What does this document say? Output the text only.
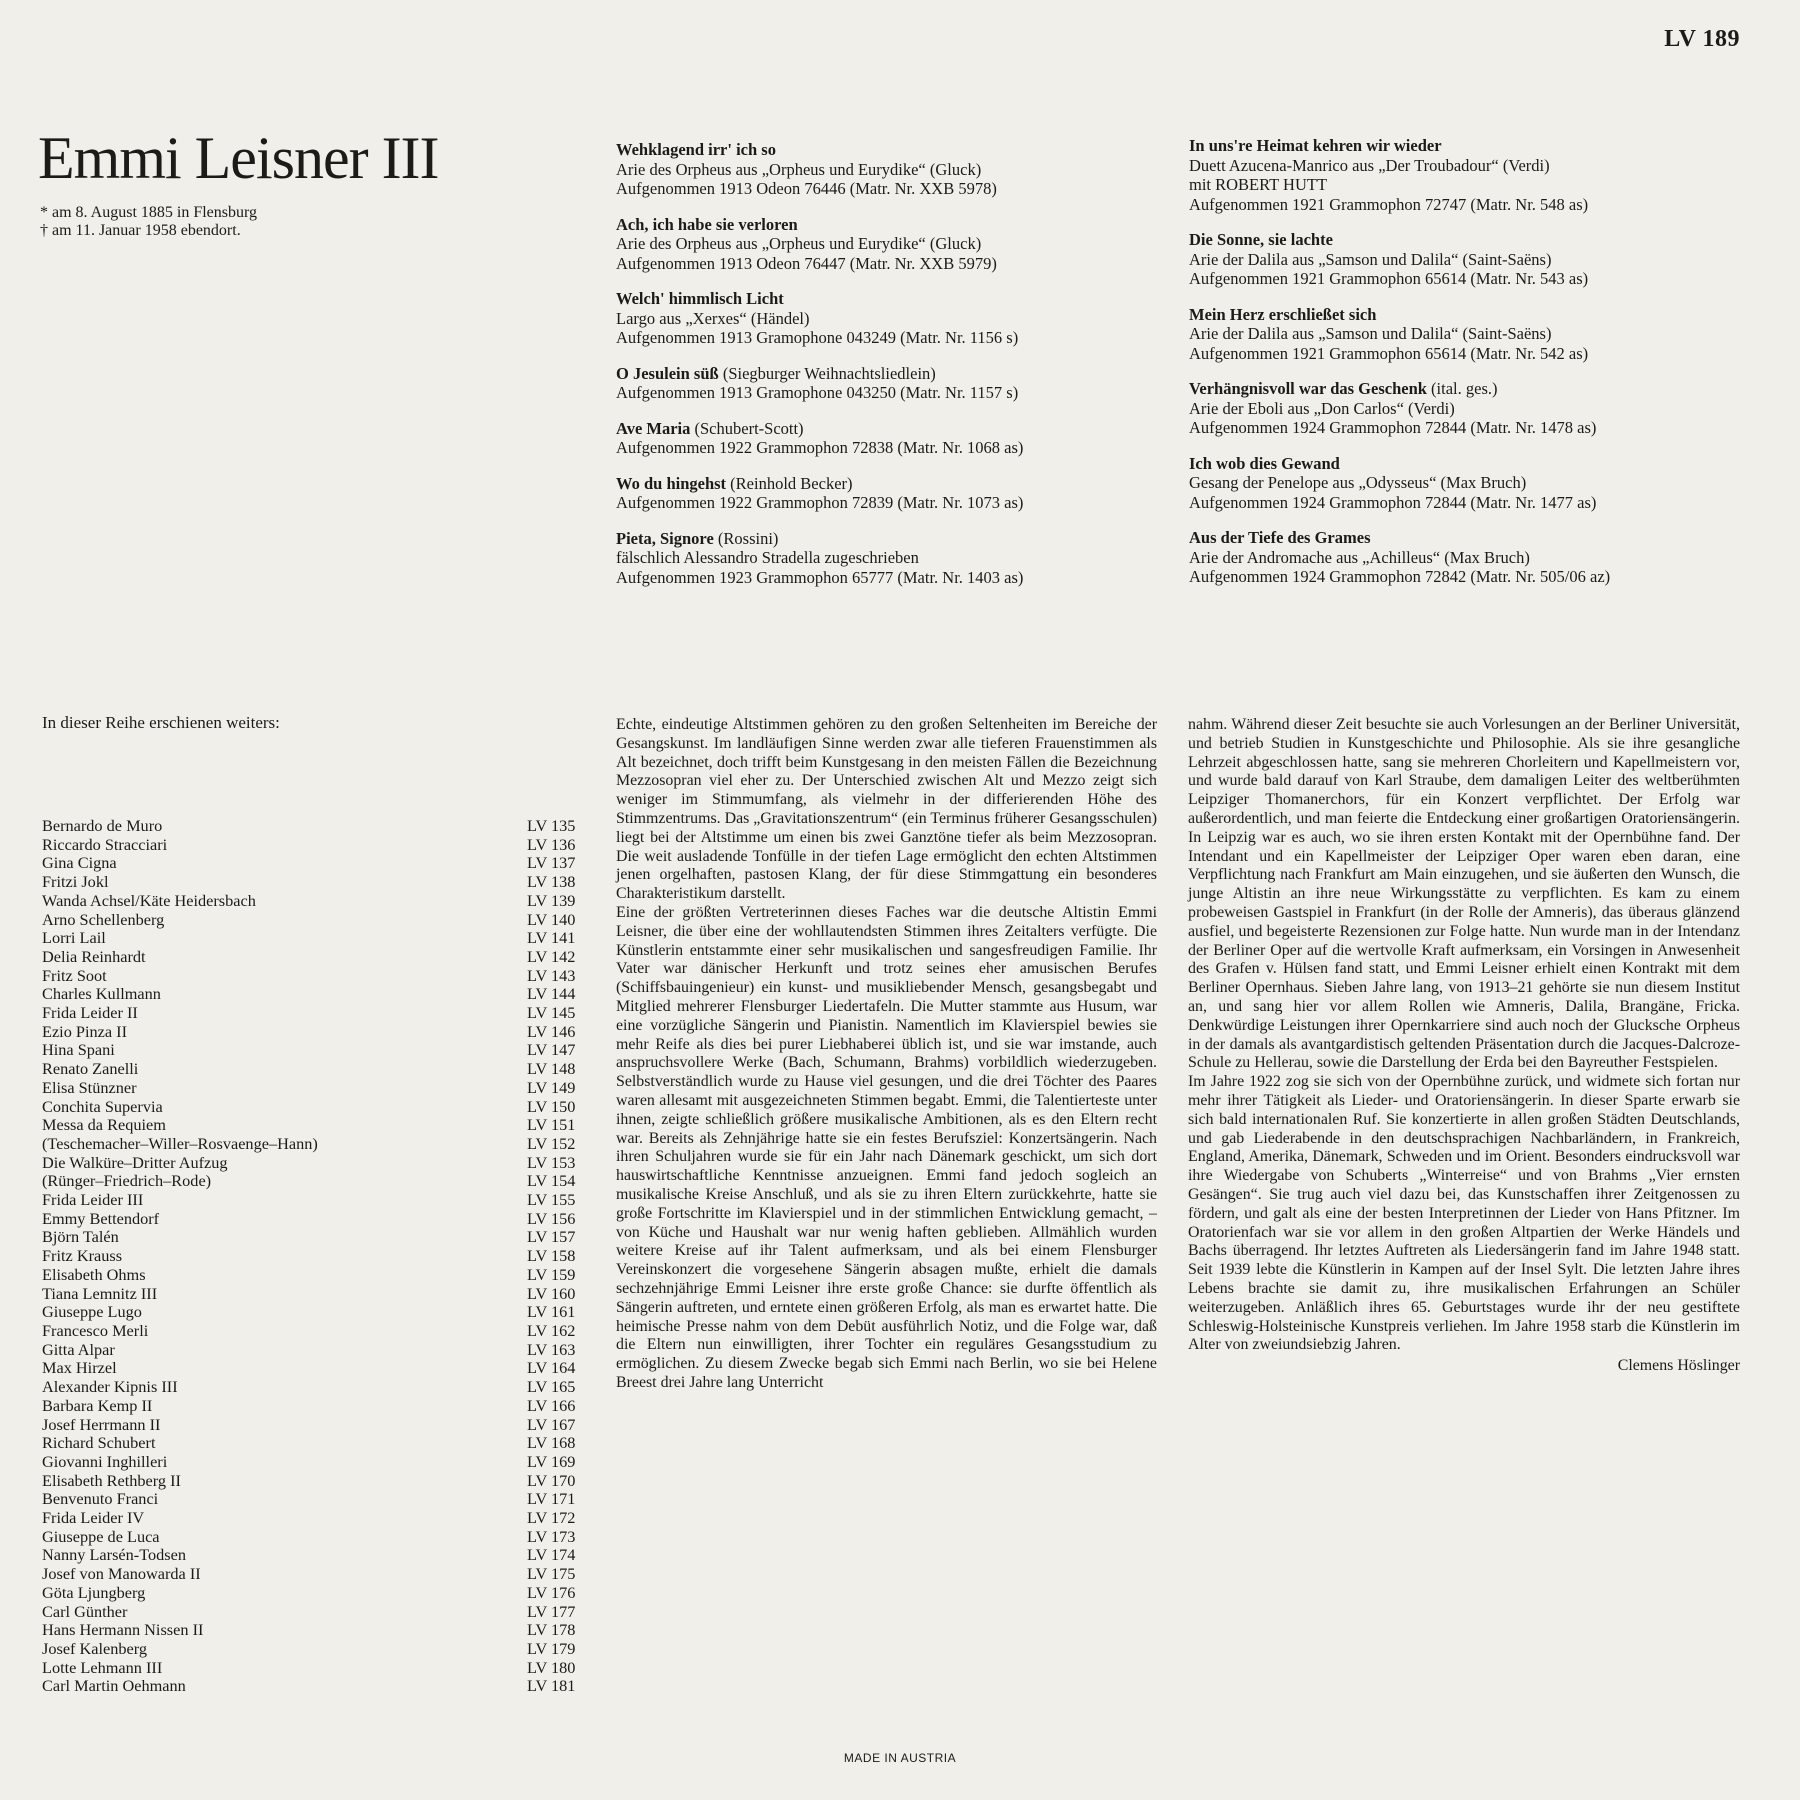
LV 189
Emmi Leisner III
* am 8. August 1885 in Flensburg
† am 11. Januar 1958 ebendort.
Wehklagend irr' ich so
Arie des Orpheus aus „Orpheus und Eurydike“ (Gluck)
Aufgenommen 1913 Odeon 76446 (Matr. Nr. XXB 5978)
Ach, ich habe sie verloren
Arie des Orpheus aus „Orpheus und Eurydike“ (Gluck)
Aufgenommen 1913 Odeon 76447 (Matr. Nr. XXB 5979)
Welch' himmlisch Licht
Largo aus „Xerxes“ (Händel)
Aufgenommen 1913 Gramophone 043249 (Matr. Nr. 1156 s)
O Jesulein süß (Siegburger Weihnachtsliedlein)
Aufgenommen 1913 Gramophone 043250 (Matr. Nr. 1157 s)
Ave Maria (Schubert-Scott)
Aufgenommen 1922 Grammophon 72838 (Matr. Nr. 1068 as)
Wo du hingehst (Reinhold Becker)
Aufgenommen 1922 Grammophon 72839 (Matr. Nr. 1073 as)
Pieta, Signore (Rossini)
fälschlich Alessandro Stradella zugeschrieben
Aufgenommen 1923 Grammophon 65777 (Matr. Nr. 1403 as)
In uns're Heimat kehren wir wieder
Duett Azucena-Manrico aus „Der Troubadour“ (Verdi)
mit ROBERT HUTT
Aufgenommen 1921 Grammophon 72747 (Matr. Nr. 548 as)
Die Sonne, sie lachte
Arie der Dalila aus „Samson und Dalila“ (Saint-Saëns)
Aufgenommen 1921 Grammophon 65614 (Matr. Nr. 543 as)
Mein Herz erschließet sich
Arie der Dalila aus „Samson und Dalila“ (Saint-Saëns)
Aufgenommen 1921 Grammophon 65614 (Matr. Nr. 542 as)
Verhängnisvoll war das Geschenk (ital. ges.)
Arie der Eboli aus „Don Carlos“ (Verdi)
Aufgenommen 1924 Grammophon 72844 (Matr. Nr. 1478 as)
Ich wob dies Gewand
Gesang der Penelope aus „Odysseus“ (Max Bruch)
Aufgenommen 1924 Grammophon 72844 (Matr. Nr. 1477 as)
Aus der Tiefe des Grames
Arie der Andromache aus „Achilleus“ (Max Bruch)
Aufgenommen 1924 Grammophon 72842 (Matr. Nr. 505/06 az)
In dieser Reihe erschienen weiters:
Bernardo de Muro	LV 135
Riccardo Stracciari	LV 136
Gina Cigna	LV 137
Fritzi Jokl	LV 138
Wanda Achsel/Käte Heidersbach	LV 139
Arno Schellenberg	LV 140
Lorri Lail	LV 141
Delia Reinhardt	LV 142
Fritz Soot	LV 143
Charles Kullmann	LV 144
Frida Leider II	LV 145
Ezio Pinza II	LV 146
Hina Spani	LV 147
Renato Zanelli	LV 148
Elisa Stünzner	LV 149
Conchita Supervia	LV 150
Messa da Requiem	LV 151
(Teschemacher–Willer–Rosvaenge–Hann)	LV 152
Die Walküre–Dritter Aufzug	LV 153
(Rünger–Friedrich–Rode)	LV 154
Frida Leider III	LV 155
Emmy Bettendorf	LV 156
Björn Talén	LV 157
Fritz Krauss	LV 158
Elisabeth Ohms	LV 159
Tiana Lemnitz III	LV 160
Giuseppe Lugo	LV 161
Francesco Merli	LV 162
Gitta Alpar	LV 163
Max Hirzel	LV 164
Alexander Kipnis III	LV 165
Barbara Kemp II	LV 166
Josef Herrmann II	LV 167
Richard Schubert	LV 168
Giovanni Inghilleri	LV 169
Elisabeth Rethberg II	LV 170
Benvenuto Franci	LV 171
Frida Leider IV	LV 172
Giuseppe de Luca	LV 173
Nanny Larsén-Todsen	LV 174
Josef von Manowarda II	LV 175
Göta Ljungberg	LV 176
Carl Günther	LV 177
Hans Hermann Nissen II	LV 178
Josef Kalenberg	LV 179
Lotte Lehmann III	LV 180
Carl Martin Oehmann	LV 181

Echte, eindeutige Altstimmen gehören zu den großen Seltenheiten im Bereiche der Gesangskunst. Im landläufigen Sinne werden zwar alle tieferen Frauenstimmen als Alt bezeichnet, doch trifft beim Kunstgesang in den meisten Fällen die Bezeichnung Mezzosopran viel eher zu. Der Unterschied zwischen Alt und Mezzo zeigt sich weniger im Stimmumfang, als vielmehr in der differierenden Höhe des Stimmzentrums. Das „Gravitationszentrum“ (ein Terminus früherer Gesangsschulen) liegt bei der Altstimme um einen bis zwei Ganztöne tiefer als beim Mezzosopran. Die weit ausladende Tonfülle in der tiefen Lage ermöglicht den echten Altstimmen jenen orgelhaften, pastosen Klang, der für diese Stimmgattung ein besonderes Charakteristikum darstellt.

Eine der größten Vertreterinnen dieses Faches war die deutsche Altistin Emmi Leisner, die über eine der wohllautendsten Stimmen ihres Zeitalters verfügte. Die Künstlerin entstammte einer sehr musikalischen und sangesfreudigen Familie. Ihr Vater war dänischer Herkunft und trotz seines eher amusischen Berufes (Schiffsbauingenieur) ein kunst- und musikliebender Mensch, gesangsbegabt und Mitglied mehrerer Flensburger Liedertafeln. Die Mutter stammte aus Husum, war eine vorzügliche Sängerin und Pianistin. Namentlich im Klavierspiel bewies sie mehr Reife als dies bei purer Liebhaberei üblich ist, und sie war imstande, auch anspruchsvollere Werke (Bach, Schumann, Brahms) vorbildlich wiederzugeben. Selbstverständlich wurde zu Hause viel gesungen, und die drei Töchter des Paares waren allesamt mit ausgezeichneten Stimmen begabt. Emmi, die Talentierteste unter ihnen, zeigte schließlich größere musikalische Ambitionen, als es den Eltern recht war. Bereits als Zehnjährige hatte sie ein festes Berufsziel: Konzertsängerin. Nach ihren Schuljahren wurde sie für ein Jahr nach Dänemark geschickt, um sich dort hauswirtschaftliche Kenntnisse anzueignen. Emmi fand jedoch sogleich an musikalische Kreise Anschluß, und als sie zu ihren Eltern zurückkehrte, hatte sie große Fortschritte im Klavierspiel und in der stimmlichen Entwicklung gemacht, – von Küche und Haushalt war nur wenig haften geblieben. Allmählich wurden weitere Kreise auf ihr Talent aufmerksam, und als bei einem Flensburger Vereinskonzert die vorgesehene Sängerin absagen mußte, erhielt die damals sechzehnjährige Emmi Leisner ihre erste große Chance: sie durfte öffentlich als Sängerin auftreten, und erntete einen größeren Erfolg, als man es erwartet hatte. Die heimische Presse nahm von dem Debüt ausführlich Notiz, und die Folge war, daß die Eltern nun einwilligten, ihrer Tochter ein reguläres Gesangsstudium zu ermöglichen. Zu diesem Zwecke begab sich Emmi nach Berlin, wo sie bei Helene Breest drei Jahre lang Unterricht

nahm. Während dieser Zeit besuchte sie auch Vorlesungen an der Berliner Universität, und betrieb Studien in Kunstgeschichte und Philosophie. Als sie ihre gesangliche Lehrzeit abgeschlossen hatte, sang sie mehreren Chorleitern und Kapellmeistern vor, und wurde bald darauf von Karl Straube, dem damaligen Leiter des weltberühmten Leipziger Thomanerchors, für ein Konzert verpflichtet. Der Erfolg war außerordentlich, und man feierte die Entdeckung einer großartigen Oratoriensängerin. In Leipzig war es auch, wo sie ihren ersten Kontakt mit der Opernbühne fand. Der Intendant und ein Kapellmeister der Leipziger Oper waren eben daran, eine Verpflichtung nach Frankfurt am Main einzugehen, und sie äußerten den Wunsch, die junge Altistin an ihre neue Wirkungsstätte zu verpflichten. Es kam zu einem probeweisen Gastspiel in Frankfurt (in der Rolle der Amneris), das überaus glänzend ausfiel, und begeisterte Rezensionen zur Folge hatte. Nun wurde man in der Intendanz der Berliner Oper auf die wertvolle Kraft aufmerksam, ein Vorsingen in Anwesenheit des Grafen v. Hülsen fand statt, und Emmi Leisner erhielt einen Kontrakt mit dem Berliner Opernhaus. Sieben Jahre lang, von 1913–21 gehörte sie nun diesem Institut an, und sang hier vor allem Rollen wie Amneris, Dalila, Brangäne, Fricka. Denkwürdige Leistungen ihrer Opernkarriere sind auch noch der Glucksche Orpheus in der damals als avantgardistisch geltenden Präsentation durch die Jacques-Dalcroze-Schule zu Hellerau, sowie die Darstellung der Erda bei den Bayreuther Festspielen.

Im Jahre 1922 zog sie sich von der Opernbühne zurück, und widmete sich fortan nur mehr ihrer Tätigkeit als Lieder- und Oratoriensängerin. In dieser Sparte erwarb sie sich bald internationalen Ruf. Sie konzertierte in allen großen Städten Deutschlands, und gab Liederabende in den deutschsprachigen Nachbarländern, in Frankreich, England, Amerika, Dänemark, Schweden und im Orient. Besonders eindrucksvoll war ihre Wiedergabe von Schuberts „Winterreise“ und von Brahms „Vier ernsten Gesängen“. Sie trug auch viel dazu bei, das Kunstschaffen ihrer Zeitgenossen zu fördern, und galt als eine der besten Interpretinnen der Lieder von Hans Pfitzner. Im Oratorienfach war sie vor allem in den großen Altpartien der Werke Händels und Bachs überragend. Ihr letztes Auftreten als Liedersängerin fand im Jahre 1948 statt. Seit 1939 lebte die Künstlerin in Kampen auf der Insel Sylt. Die letzten Jahre ihres Lebens brachte sie damit zu, ihre musikalischen Erfahrungen an Schüler weiterzugeben. Anläßlich ihres 65. Geburtstages wurde ihr der neu gestiftete Schleswig-Holsteinische Kunstpreis verliehen. Im Jahre 1958 starb die Künstlerin im Alter von zweiundsiebzig Jahren.

Clemens Höslinger
MADE IN AUSTRIA
